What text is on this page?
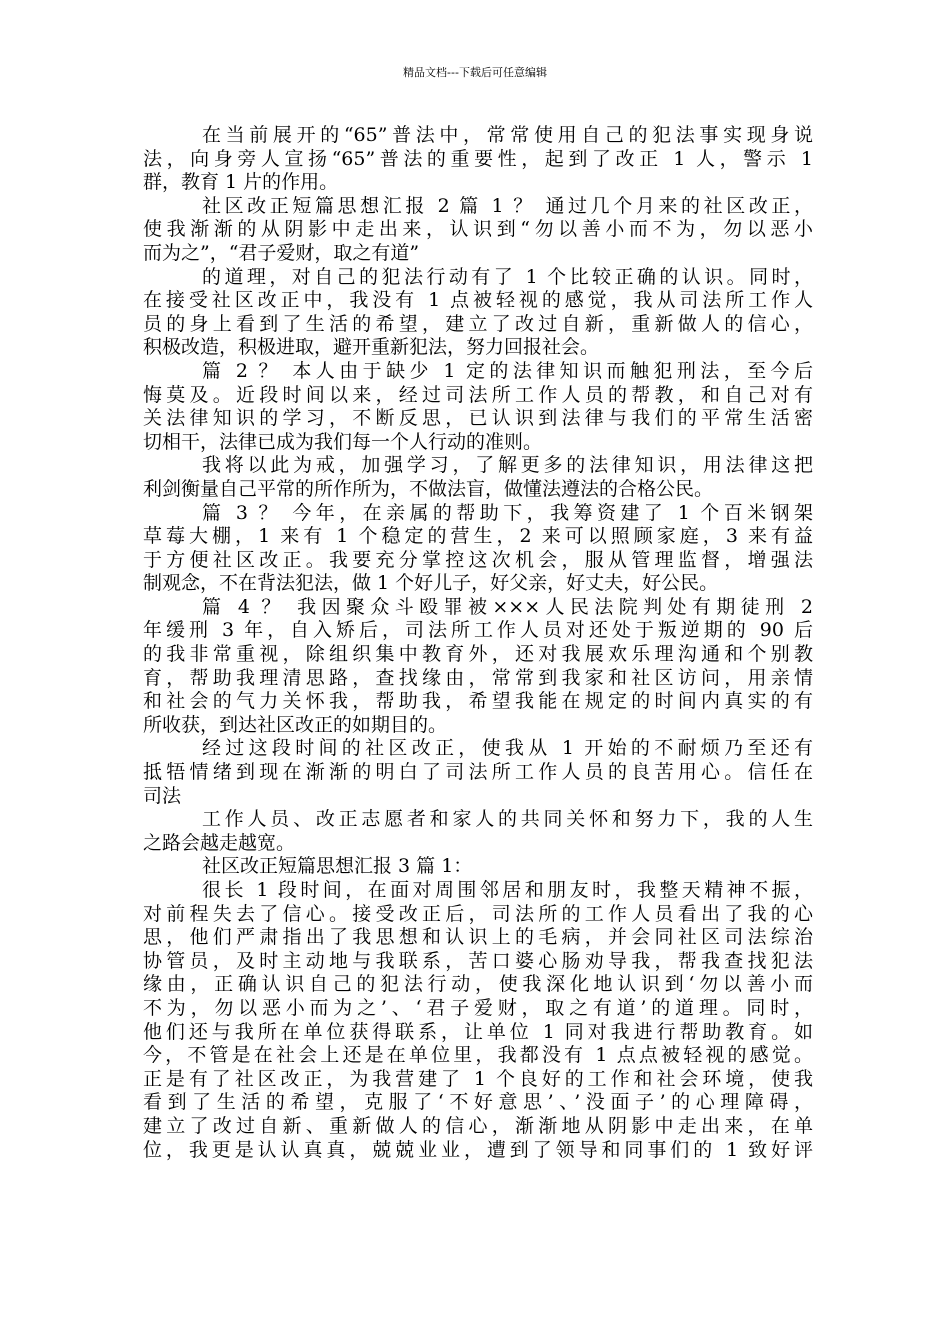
精品文档---下载后可任意编辑
在当前展开的“65”普法中，常常使用自己的犯法事实现身说
法，向身旁人宣扬“65”普法的重要性，起到了改正 1 人，警示 1
群，教育 1 片的作用。
社区改正短篇思想汇报 2 篇 1 ？ 通过几个月来的社区改正，
使我渐渐的从阴影中走出来，认识到“勿以善小而不为，勿以恶小
而为之”，“君子爱财，取之有道”
的道理，对自己的犯法行动有了 1 个比较正确的认识。同时，
在接受社区改正中，我没有 1 点被轻视的感觉，我从司法所工作人
员的身上看到了生活的希望，建立了改过自新，重新做人的信心，
积极改造，积极进取，避开重新犯法，努力回报社会。
篇 2 ？ 本人由于缺少 1 定的法律知识而触犯刑法，至今后
悔莫及。近段时间以来，经过司法所工作人员的帮教，和自己对有
关法律知识的学习，不断反思，已认识到法律与我们的平常生活密
切相干，法律已成为我们每一个人行动的准则。
我将以此为戒，加强学习，了解更多的法律知识，用法律这把
利剑衡量自己平常的所作所为，不做法盲，做懂法遵法的合格公民。
篇 3 ？ 今年，在亲属的帮助下，我筹资建了 1 个百米钢架
草莓大棚，1 来有 1 个稳定的营生，2 来可以照顾家庭，3 来有益
于方便社区改正。我要充分掌控这次机会，服从管理监督，增强法
制观念，不在背法犯法，做 1 个好儿子，好父亲，好丈夫，好公民。
篇 4 ？ 我因聚众斗殴罪被×××人民法院判处有期徒刑 2
年缓刑 3 年，自入矫后，司法所工作人员对还处于叛逆期的 90 后
的我非常重视，除组织集中教育外，还对我展欢乐理沟通和个别教
育，帮助我理清思路，查找缘由，常常到我家和社区访问，用亲情
和社会的气力关怀我，帮助我，希望我能在规定的时间内真实的有
所收获，到达社区改正的如期目的。
经过这段时间的社区改正，使我从 1 开始的不耐烦乃至还有
抵牾情绪到现在渐渐的明白了司法所工作人员的良苦用心。信任在
司法
工作人员、改正志愿者和家人的共同关怀和努力下，我的人生
之路会越走越宽。
社区改正短篇思想汇报 3 篇 1：
很长 1 段时间，在面对周围邻居和朋友时，我整天精神不振，
对前程失去了信心。接受改正后，司法所的工作人员看出了我的心
思，他们严肃指出了我思想和认识上的毛病，并会同社区司法综治
协管员，及时主动地与我联系，苦口婆心肠劝导我，帮我查找犯法
缘由，正确认识自己的犯法行动，使我深化地认识到‘勿以善小而
不为，勿以恶小而为之’、‘君子爱财，取之有道’的道理。同时，
他们还与我所在单位获得联系，让单位 1 同对我进行帮助教育。如
今，不管是在社会上还是在单位里，我都没有 1 点点被轻视的感觉。
正是有了社区改正，为我营建了 1 个良好的工作和社会环境，使我
看到了生活的希望，克服了‘不好意思’、’没面子’的心理障碍，
建立了改过自新、重新做人的信心，渐渐地从阴影中走出来，在单
位，我更是认认真真，兢兢业业，遭到了领导和同事们的 1 致好评
